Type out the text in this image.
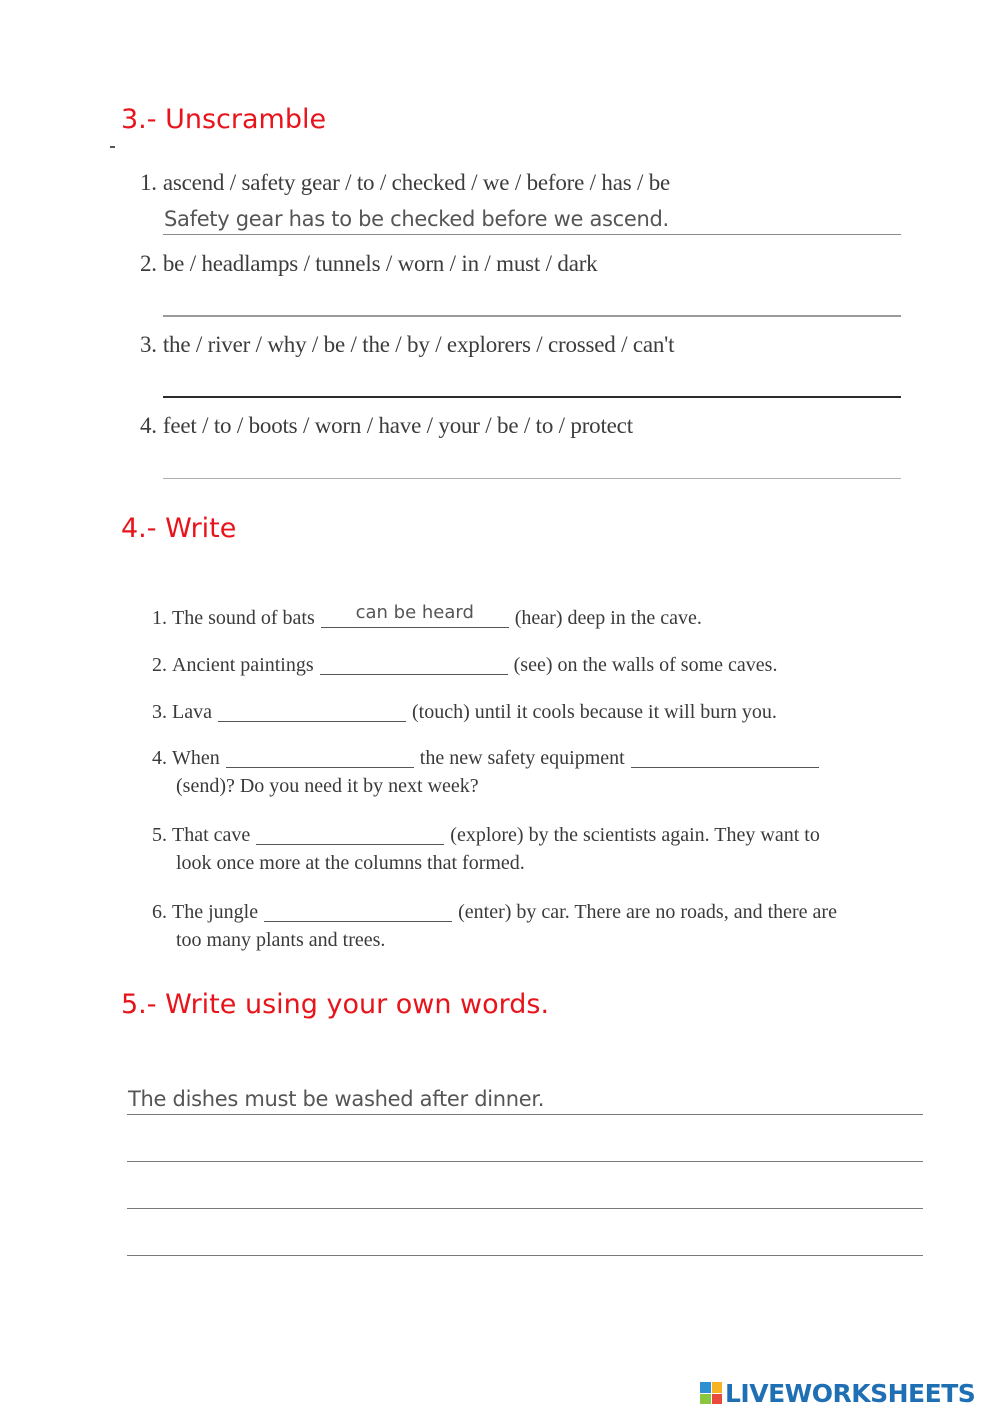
3.- Unscramble
1. ascend / safety gear / to / checked / we / before / has / be
Safety gear has to be checked before we ascend.
2. be / headlamps / tunnels / worn / in / must / dark
3. the / river / why / be / the / by / explorers / crossed / can't
4. feet / to / boots / worn / have / your / be / to / protect
4.- Write
1. The sound of bats	can be heard	(hear) deep in the cave.
2. Ancient paintings	(see) on the walls of some caves.
3. Lava	(touch) until it cools because it will burn you.
4. When	the new safety equipment
(send)? Do you need it by next week?
5. That cave	(explore) by the scientists again. They want to
look once more at the columns that formed.
6. The jungle	(enter) by car. There are no roads, and there are
too many plants and trees.
5.- Write using your own words.
The dishes must be washed after dinner.
LIVEWORKSHEETS
